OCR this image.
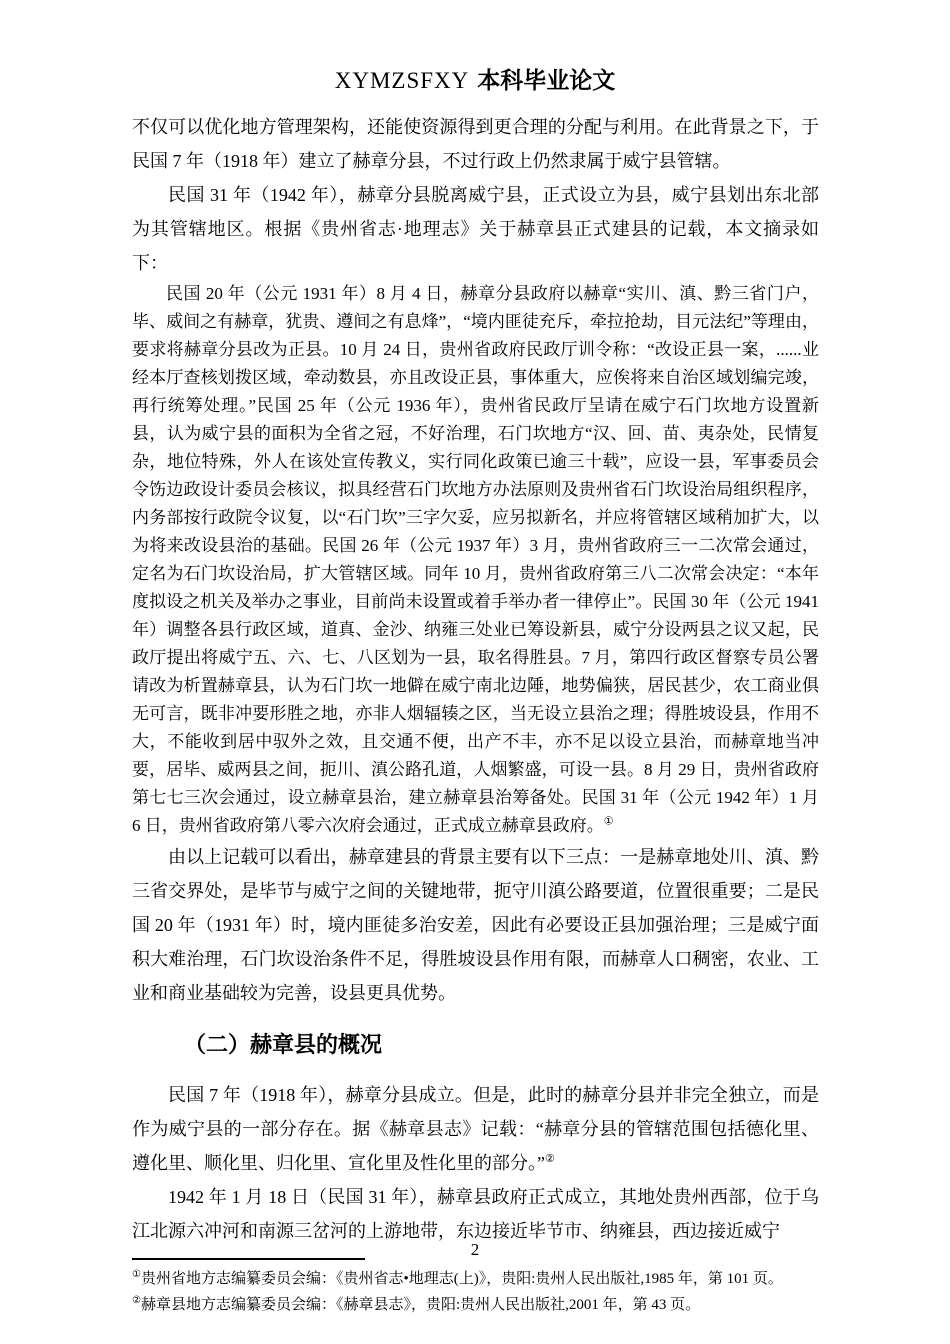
XYMZSFXY 本科毕业论文

不仅可以优化地方管理架构，还能使资源得到更合理的分配与利用。在此背景之下，于民国 7 年（1918 年）建立了赫章分县，不过行政上仍然隶属于威宁县管辖。

民国 31 年（1942 年），赫章分县脱离威宁县，正式设立为县，威宁县划出东北部为其管辖地区。根据《贵州省志·地理志》关于赫章县正式建县的记载，本文摘录如下：

民国 20 年（公元 1931 年）8 月 4 日，赫章分县政府以赫章“实川、滇、黔三省门户，毕、威间之有赫章，犹贵、遵间之有息烽”，“境内匪徒充斥，牵拉抢劫，目元法纪”等理由，要求将赫章分县改为正县。10 月 24 日，贵州省政府民政厅训令称：“改设正县一案，......业经本厅查核划拨区域，牵动数县，亦且改设正县，事体重大，应俟将来自治区域划编完竣，再行统筹处理。”民国 25 年（公元 1936 年），贵州省民政厅呈请在威宁石门坎地方设置新县，认为威宁县的面积为全省之冠，不好治理，石门坎地方“汉、回、苗、夷杂处，民情复杂，地位特殊，外人在该处宣传教义，实行同化政策已逾三十载”，应设一县，军事委员会令饬边政设计委员会核议，拟具经营石门坎地方办法原则及贵州省石门坎设治局组织程序，内务部按行政院令议复，以“石门坎”三字欠妥，应另拟新名，并应将管辖区域稍加扩大，以为将来改设县治的基础。民国 26 年（公元 1937 年）3 月，贵州省政府三一二次常会通过，定名为石门坎设治局，扩大管辖区域。同年 10 月，贵州省政府第三八二次常会决定：“本年度拟设之机关及举办之事业，目前尚未设置或着手举办者一律停止”。民国 30 年（公元 1941 年）调整各县行政区域，道真、金沙、纳雍三处业已筹设新县，威宁分设两县之议又起，民政厅提出将威宁五、六、七、八区划为一县，取名得胜县。7 月，第四行政区督察专员公署请改为析置赫章县，认为石门坎一地僻在威宁南北边陲，地势偏狭，居民甚少，农工商业俱无可言，既非冲要形胜之地，亦非人烟辐辏之区，当无设立县治之理；得胜坡设县，作用不大，不能收到居中驭外之效，且交通不便，出产不丰，亦不足以设立县治，而赫章地当冲要，居毕、威两县之间，扼川、滇公路孔道，人烟繁盛，可设一县。8 月 29 日，贵州省政府第七七三次会通过，设立赫章县治，建立赫章县治筹备处。民国 31 年（公元 1942 年）1 月 6 日，贵州省政府第八零六次府会通过，正式成立赫章县政府。①

由以上记载可以看出，赫章建县的背景主要有以下三点：一是赫章地处川、滇、黔三省交界处，是毕节与威宁之间的关键地带，扼守川滇公路要道，位置很重要；二是民国 20 年（1931 年）时，境内匪徒多治安差，因此有必要设正县加强治理；三是威宁面积大难治理，石门坎设治条件不足，得胜坡设县作用有限，而赫章人口稠密，农业、工业和商业基础较为完善，设县更具优势。

（二）赫章县的概况

民国 7 年（1918 年），赫章分县成立。但是，此时的赫章分县并非完全独立，而是作为威宁县的一部分存在。据《赫章县志》记载：“赫章分县的管辖范围包括德化里、遵化里、顺化里、归化里、宣化里及性化里的部分。”②

1942 年 1 月 18 日（民国 31 年），赫章县政府正式成立，其地处贵州西部，位于乌江北源六冲河和南源三岔河的上游地带，东边接近毕节市、纳雍县，西边接近威宁

①贵州省地方志编纂委员会编：《贵州省志•地理志(上)》，贵阳:贵州人民出版社,1985 年，第 101 页。
②赫章县地方志编纂委员会编：《赫章县志》，贵阳:贵州人民出版社,2001 年，第 43 页。
2
